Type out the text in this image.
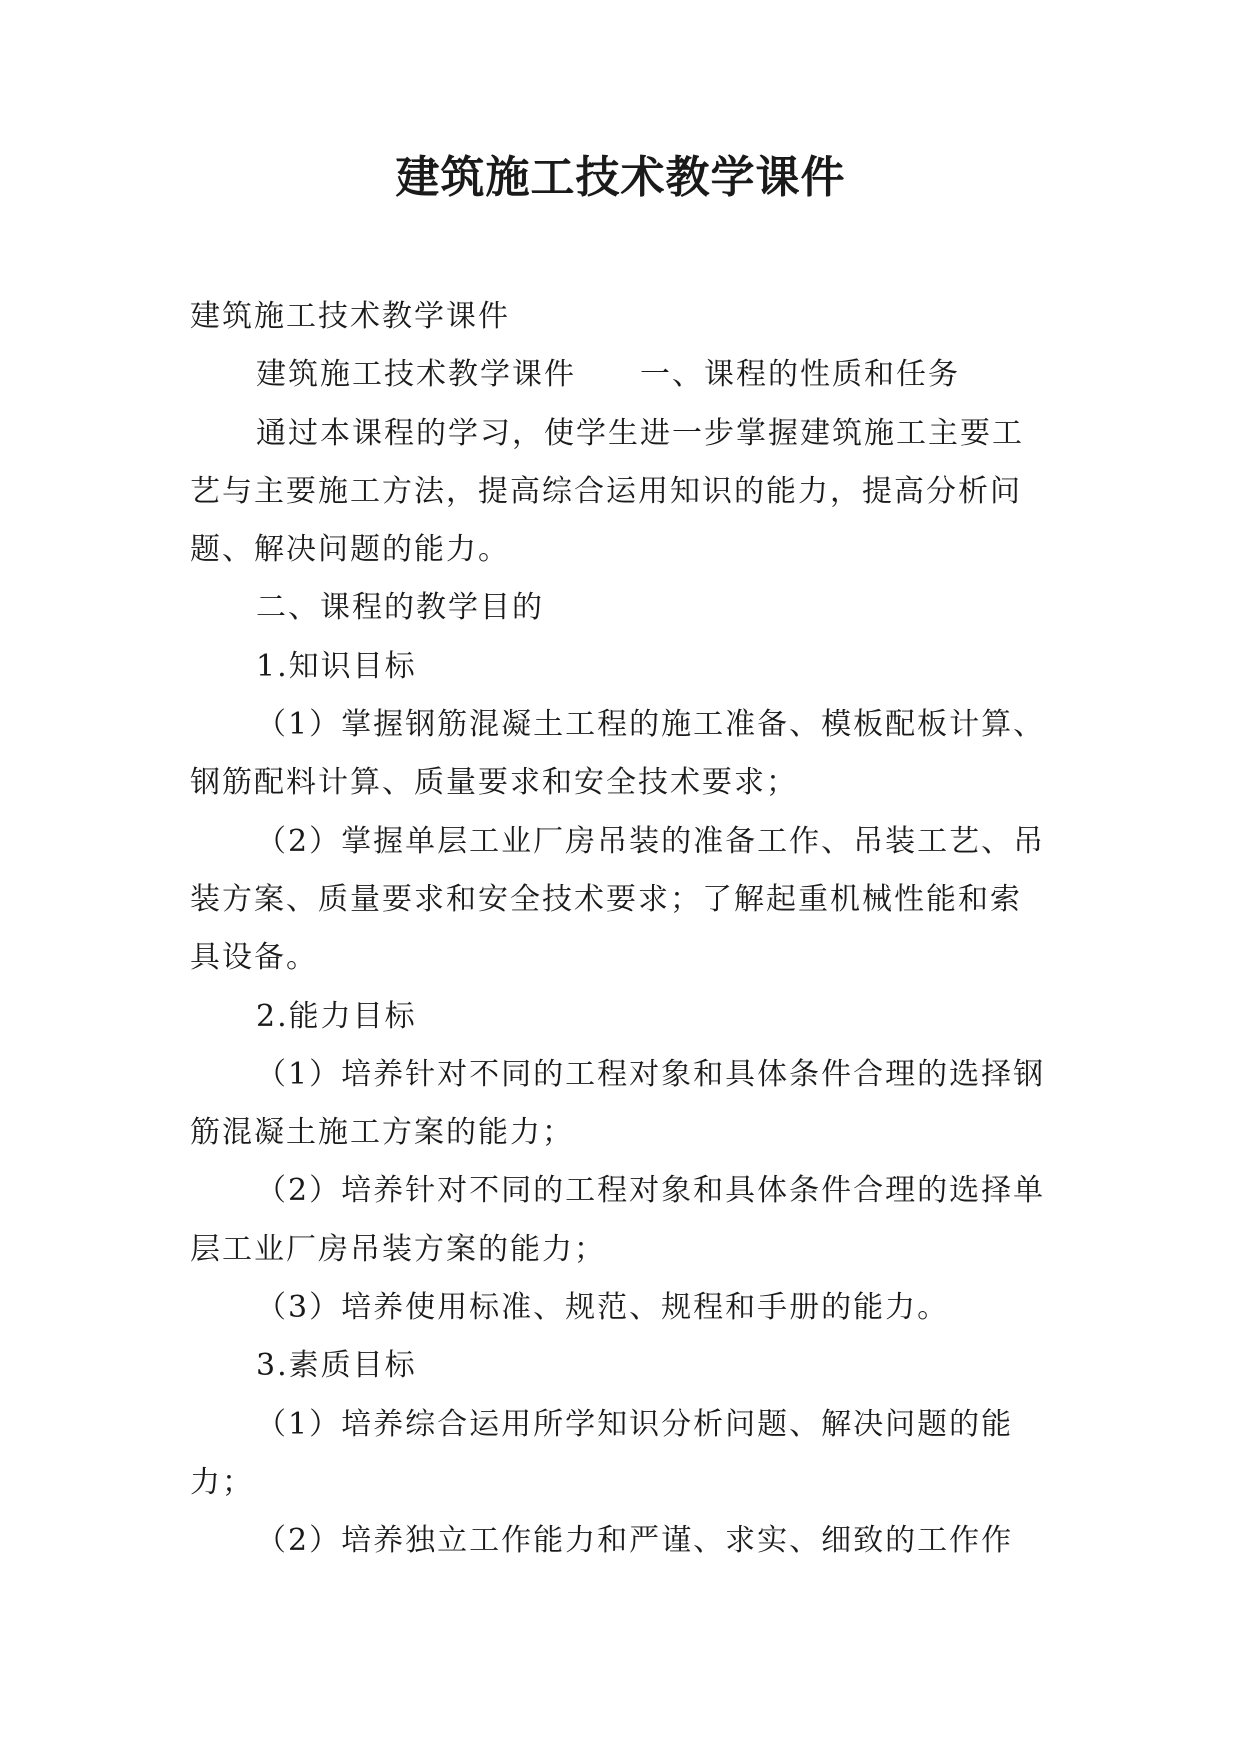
建筑施工技术教学课件

建筑施工技术教学课件

建筑施工技术教学课件 一、课程的性质和任务

通过本课程的学习，使学生进一步掌握建筑施工主要工艺与主要施工方法，提高综合运用知识的能力，提高分析问题、解决问题的能力。

二、课程的教学目的

1.知识目标

（1）掌握钢筋混凝土工程的施工准备、模板配板计算、钢筋配料计算、质量要求和安全技术要求；

（2）掌握单层工业厂房吊装的准备工作、吊装工艺、吊装方案、质量要求和安全技术要求；了解起重机械性能和索具设备。

2.能力目标

（1）培养针对不同的工程对象和具体条件合理的选择钢筋混凝土施工方案的能力；

（2）培养针对不同的工程对象和具体条件合理的选择单层工业厂房吊装方案的能力；

（3）培养使用标准、规范、规程和手册的能力。

3.素质目标

（1）培养综合运用所学知识分析问题、解决问题的能力；

（2）培养独立工作能力和严谨、求实、细致的工作作
